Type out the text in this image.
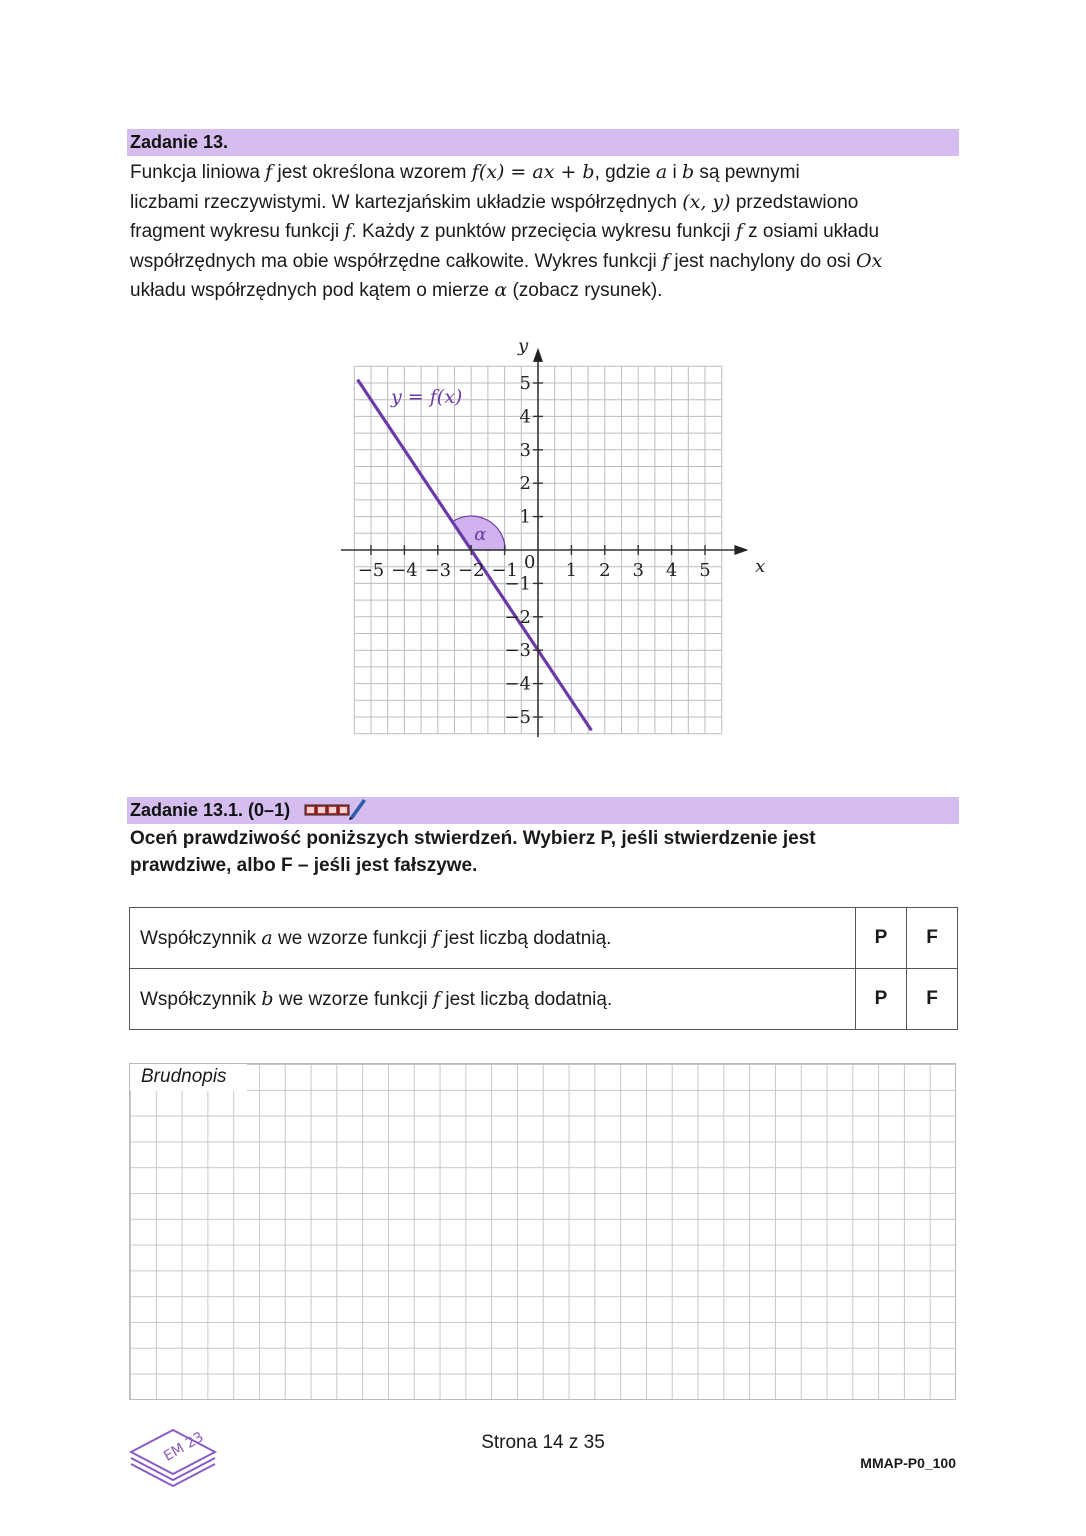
Zadanie 13.
Funkcja liniowa f jest określona wzorem f(x) = ax + b, gdzie a i b są pewnymi
liczbami rzeczywistymi. W kartezjańskim układzie współrzędnych (x, y) przedstawiono
fragment wykresu funkcji f. Każdy z punktów przecięcia wykresu funkcji f z osiami układu
współrzędnych ma obie współrzędne całkowite. Wykres funkcji f jest nachylony do osi Ox
układu współrzędnych pod kątem o mierze α (zobacz rysunek).
−5 −4 −3 −2 −1	1 2 3 4 5
5
4
3
2
1
−1
−2
−3
−4
−5
x
y
0
y = f(x)
α
Zadanie 13.1. (0–1)
Oceń prawdziwość poniższych stwierdzeń. Wybierz P, jeśli stwierdzenie jest
prawdziwe, albo F – jeśli jest fałszywe.
Współczynnik a we wzorze funkcji f jest liczbą dodatnią.	P	F
Współczynnik b we wzorze funkcji f jest liczbą dodatnią.	P	F
Brudnopis
EM 23	Strona 14 z 35
MMAP-P0_100
